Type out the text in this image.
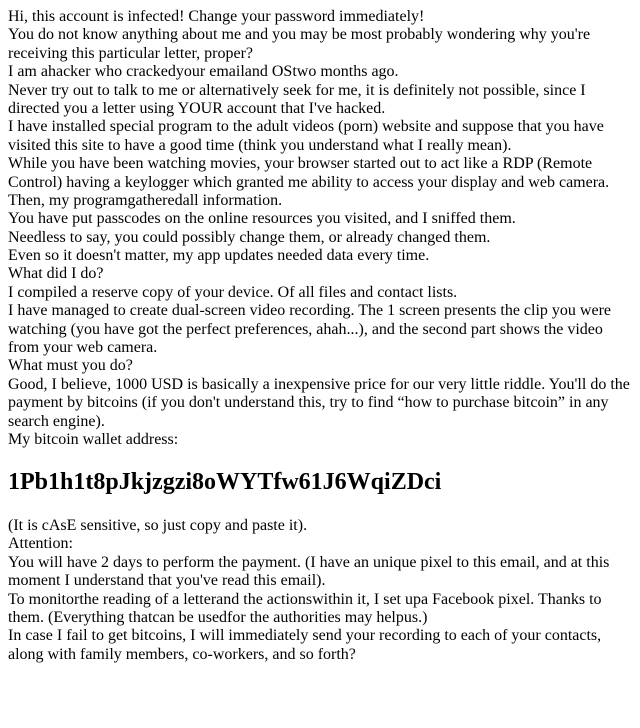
Hi, this account is infected! Change your password immediately!
You do not know anything about me and you may be most probably wondering why you're receiving this particular letter, proper?
I am ahacker who crackedyour emailand OStwo months ago.
Never try out to talk to me or alternatively seek for me, it is definitely not possible, since I directed you a letter using YOUR account that I've hacked.
I have installed special program to the adult videos (porn) website and suppose that you have visited this site to have a good time (think you understand what I really mean).
While you have been watching movies, your browser started out to act like a RDP (Remote Control) having a keylogger which granted me ability to access your display and web camera.
Then, my programgatheredall information.
You have put passcodes on the online resources you visited, and I sniffed them.
Needless to say, you could possibly change them, or already changed them.
Even so it doesn't matter, my app updates needed data every time.
What did I do?
I compiled a reserve copy of your device. Of all files and contact lists.
I have managed to create dual-screen video recording. The 1 screen presents the clip you were watching (you have got the perfect preferences, ahah...), and the second part shows the video from your web camera.
What must you do?
Good, I believe, 1000 USD is basically a inexpensive price for our very little riddle. You'll do the payment by bitcoins (if you don't understand this, try to find “how to purchase bitcoin” in any search engine).
My bitcoin wallet address:
1Pb1h1t8pJkjzgzi8oWYTfw61J6WqiZDci
(It is cAsE sensitive, so just copy and paste it).
Attention:
You will have 2 days to perform the payment. (I have an unique pixel to this email, and at this moment I understand that you've read this email).
To monitorthe reading of a letterand the actionswithin it, I set upa Facebook pixel. Thanks to them. (Everything thatcan be usedfor the authorities may helpus.)
In case I fail to get bitcoins, I will immediately send your recording to each of your contacts, along with family members, co-workers, and so forth?
